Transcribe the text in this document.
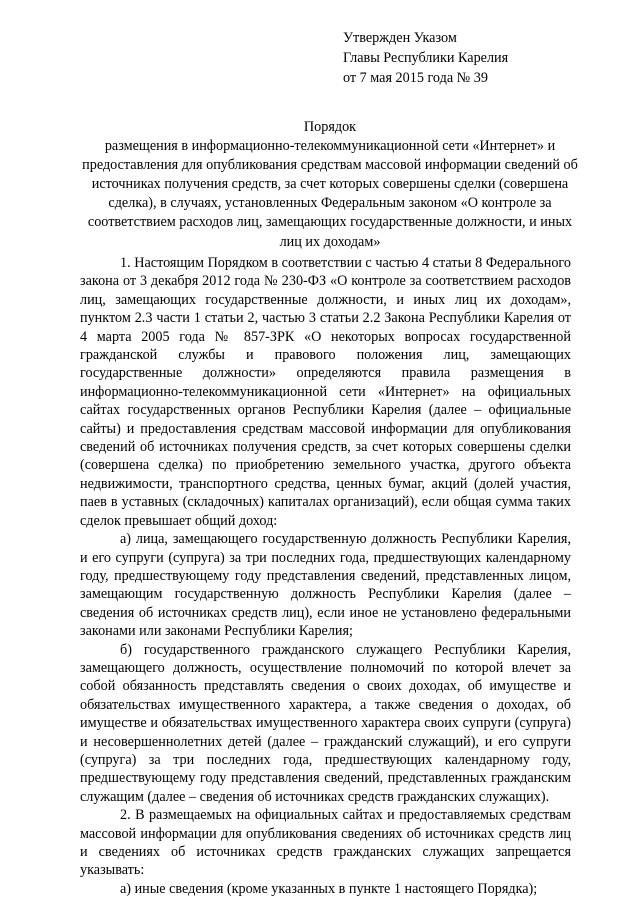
Утвержден Указом
Главы Республики Карелия
от 7 мая 2015 года № 39
Порядок
размещения в информационно-телекоммуникационной сети «Интернет» и предоставления для опубликования средствам массовой информации сведений об источниках получения средств, за счет которых совершены сделки (совершена сделка), в случаях, установленных Федеральным законом «О контроле за соответствием расходов лиц, замещающих государственные должности, и иных лиц их доходам»

1. Настоящим Порядком в соответствии с частью 4 статьи 8 Федерального закона от 3 декабря 2012 года № 230-ФЗ «О контроле за соответствием расходов лиц, замещающих государственные должности, и иных лиц их доходам», пунктом 2.3 части 1 статьи 2, частью 3 статьи 2.2 Закона Республики Карелия от 4 марта 2005 года № 857-ЗРК «О некоторых вопросах государственной гражданской службы и правового положения лиц, замещающих государственные должности» определяются правила размещения в информационно-телекоммуникационной сети «Интернет» на официальных сайтах государственных органов Республики Карелия (далее – официальные сайты) и предоставления средствам массовой информации для опубликования сведений об источниках получения средств, за счет которых совершены сделки (совершена сделка) по приобретению земельного участка, другого объекта недвижимости, транспортного средства, ценных бумаг, акций (долей участия, паев в уставных (складочных) капиталах организаций), если общая сумма таких сделок превышает общий доход:

а) лица, замещающего государственную должность Республики Карелия, и его супруги (супруга) за три последних года, предшествующих календарному году, предшествующему году представления сведений, представленных лицом, замещающим государственную должность Республики Карелия (далее – сведения об источниках средств лиц), если иное не установлено федеральными законами или законами Республики Карелия;

б) государственного гражданского служащего Республики Карелия, замещающего должность, осуществление полномочий по которой влечет за собой обязанность представлять сведения о своих доходах, об имуществе и обязательствах имущественного характера, а также сведения о доходах, об имуществе и обязательствах имущественного характера своих супруги (супруга) и несовершеннолетних детей (далее – гражданский служащий), и его супруги (супруга) за три последних года, предшествующих календарному году, предшествующему году представления сведений, представленных гражданским служащим (далее – сведения об источниках средств гражданских служащих).

2. В размещаемых на официальных сайтах и предоставляемых средствам массовой информации для опубликования сведениях об источниках средств лиц и сведениях об источниках средств гражданских служащих запрещается указывать:

а) иные сведения (кроме указанных в пункте 1 настоящего Порядка);
